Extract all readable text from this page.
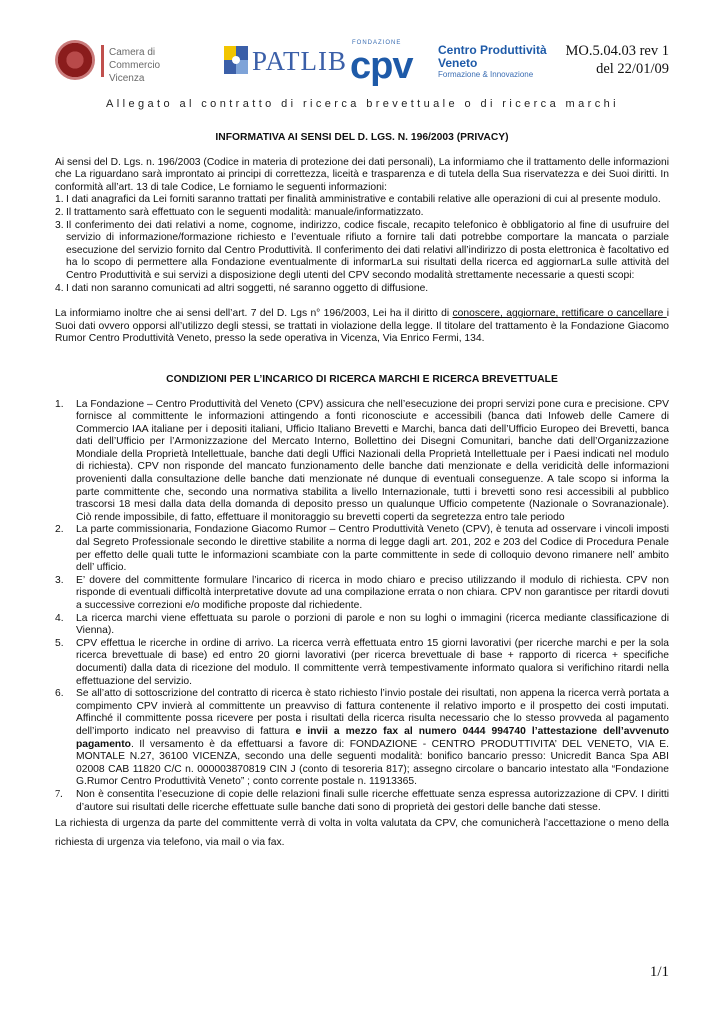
Camera di Commercio
Vicenza
PATLIB
FONDAZIONE
cpv Centro Produttività
Veneto
Formazione & Innovazione
MO.5.04.03 rev 1
del 22/01/09
Allegato al contratto di ricerca brevettuale o di ricerca marchi
INFORMATIVA AI SENSI DEL D. LGS. N. 196/2003 (PRIVACY)

Ai sensi del D. Lgs. n. 196/2003 (Codice in materia di protezione dei dati personali), La informiamo che il trattamento delle informazioni che La riguardano sarà improntato ai principi di correttezza, liceità e trasparenza e di tutela della Sua riservatezza e dei Suoi diritti. In conformità all’art. 13 di tale Codice, Le forniamo le seguenti informazioni:

1. I dati anagrafici da Lei forniti saranno trattati per finalità amministrative e contabili relative alle operazioni di cui al presente modulo.
2. Il trattamento sarà effettuato con le seguenti modalità: manuale/informatizzato.
3. Il conferimento dei dati relativi a nome, cognome, indirizzo, codice fiscale, recapito telefonico è obbligatorio al fine di usufruire del servizio di informazione/formazione richiesto e l’eventuale rifiuto a fornire tali dati potrebbe comportare la mancata o parziale esecuzione del servizio fornito dal Centro Produttività. Il conferimento dei dati relativi all’indirizzo di posta elettronica è facoltativo ed ha lo scopo di permettere alla Fondazione eventualmente di informarLa sui risultati della ricerca ed aggiornarLa sulle attività del Centro Produttività e sui servizi a disposizione degli utenti del CPV secondo modalità strettamente necessarie a questi scopi:
4. I dati non saranno comunicati ad altri soggetti, né saranno oggetto di diffusione.

La informiamo inoltre che ai sensi dell’art. 7 del D. Lgs n° 196/2003, Lei ha il diritto di conoscere, aggiornare, rettificare o cancellare i Suoi dati ovvero opporsi all’utilizzo degli stessi, se trattati in violazione della legge. Il titolare del trattamento è la Fondazione Giacomo Rumor Centro Produttività Veneto, presso la sede operativa in Vicenza, Via Enrico Fermi, 134.

CONDIZIONI PER L’INCARICO DI RICERCA MARCHI E RICERCA BREVETTUALE
1.	La Fondazione – Centro Produttività del Veneto (CPV) assicura che nell’esecuzione dei propri servizi pone cura e precisione. CPV fornisce al committente le informazioni attingendo a fonti riconosciute e accessibili (banca dati Infoweb delle Camere di Commercio IAA italiane per i depositi italiani, Ufficio Italiano Brevetti e Marchi, banca dati dell’Ufficio Europeo dei Brevetti, banca dati dell’Ufficio per l’Armonizzazione del Mercato Interno, Bollettino dei Disegni Comunitari, banche dati dell’Organizzazione Mondiale della Proprietà Intellettuale, banche dati degli Uffici Nazionali della Proprietà Intellettuale per i Paesi indicati nel modulo di richiesta). CPV non risponde del mancato funzionamento delle banche dati menzionate e della veridicità delle informazioni provenienti dalla consultazione delle banche dati menzionate né dunque di eventuali conseguenze. A tale scopo si informa la parte committente che, secondo una normativa stabilita a livello Internazionale, tutti i brevetti sono resi accessibili al pubblico trascorsi 18 mesi dalla data della domanda di deposito presso un qualunque Ufficio competente (Nazionale o Sovranazionale). Ciò rende impossibile, di fatto, effettuare il monitoraggio su brevetti coperti da segretezza entro tale periodo
2.	La parte commissionaria, Fondazione Giacomo Rumor – Centro Produttività Veneto (CPV), è tenuta ad osservare i vincoli imposti dal Segreto Professionale secondo le direttive stabilite a norma di legge dagli art. 201, 202 e 203 del Codice di Procedura Penale per effetto delle quali tutte le informazioni scambiate con la parte committente in sede di colloquio devono rimanere nell’ ambito dell’ ufficio.
3.	E’ dovere del committente formulare l’incarico di ricerca in modo chiaro e preciso utilizzando il modulo di richiesta. CPV non risponde di eventuali difficoltà interpretative dovute ad una compilazione errata o non chiara. CPV non garantisce per ritardi dovuti a successive correzioni e/o modifiche proposte dal richiedente.
4.	La ricerca marchi viene effettuata su parole o porzioni di parole e non su loghi o immagini (ricerca mediante classificazione di Vienna).
5.	CPV effettua le ricerche in ordine di arrivo. La ricerca verrà effettuata entro 15 giorni lavorativi (per ricerche marchi e per la sola ricerca brevettuale di base) ed entro 20 giorni lavorativi (per ricerca brevettuale di base + rapporto di ricerca + specifiche documenti) dalla data di ricezione del modulo. Il committente verrà tempestivamente informato qualora si verifichino ritardi nella effettuazione del servizio.
6.	Se all’atto di sottoscrizione del contratto di ricerca è stato richiesto l’invio postale dei risultati, non appena la ricerca verrà portata a compimento CPV invierà al committente un preavviso di fattura contenente il relativo importo e il prospetto dei costi imputati. Affinché il committente possa ricevere per posta i risultati della ricerca risulta necessario che lo stesso provveda al pagamento dell’importo indicato nel preavviso di fattura e invii a mezzo fax al numero 0444 994740 l’attestazione dell’avvenuto pagamento. Il versamento è da effettuarsi a favore di: FONDAZIONE - CENTRO PRODUTTIVITA’ DEL VENETO, VIA E. MONTALE N.27, 36100 VICENZA, secondo una delle seguenti modalità: bonifico bancario presso: Unicredit Banca Spa ABI 02008 CAB 11820 C/C n. 000003870819 CIN J (conto di tesoreria 817); assegno circolare o bancario intestato alla “Fondazione G.Rumor Centro Produttività Veneto” ; conto corrente postale n. 11913365.
7.	Non è consentita l’esecuzione di copie delle relazioni finali sulle ricerche effettuate senza espressa autorizzazione di CPV. I diritti d’autore sui risultati delle ricerche effettuate sulle banche dati sono di proprietà dei gestori delle banche dati stesse.

La richiesta di urgenza da parte del committente verrà di volta in volta valutata da CPV, che comunicherà l’accettazione o meno della richiesta di urgenza via telefono, via mail o via fax.

1/1
